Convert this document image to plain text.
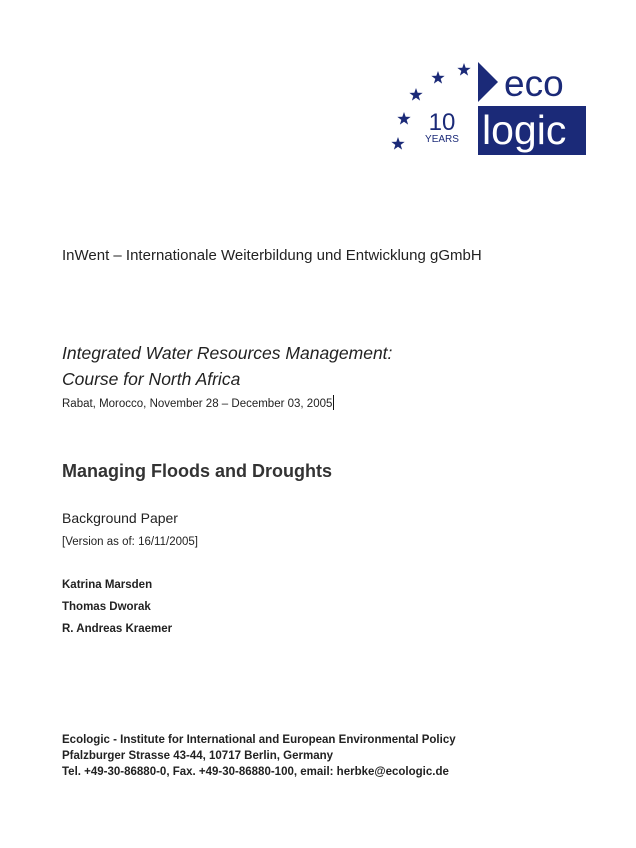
10
YEARS
eco
logic
InWent – Internationale Weiterbildung und Entwicklung gGmbH
Integrated Water Resources Management:
Course for North Africa
Rabat, Morocco, November 28 – December 03, 2005
Managing Floods and Droughts
Background Paper
[Version as of: 16/11/2005]
Katrina Marsden
Thomas Dworak
R. Andreas Kraemer
Ecologic - Institute for International and European Environmental Policy
Pfalzburger Strasse 43-44, 10717 Berlin, Germany
Tel. +49-30-86880-0, Fax. +49-30-86880-100, email: herbke@ecologic.de
